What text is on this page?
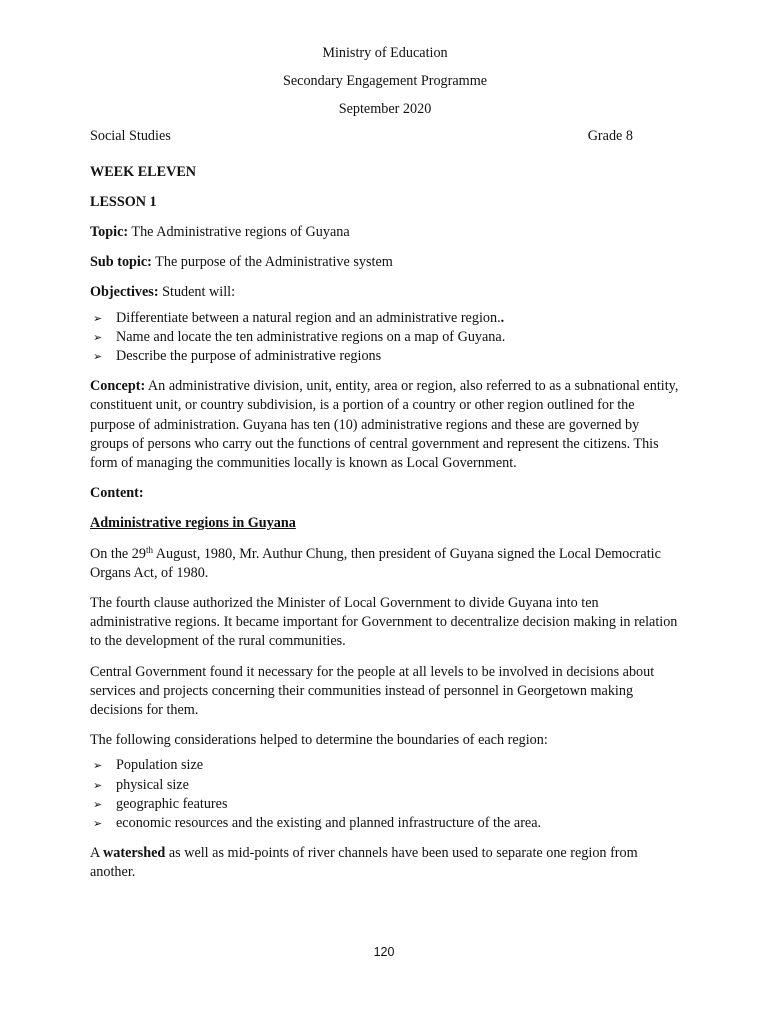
Ministry of Education
Secondary Engagement Programme
September 2020
Social Studies	Grade 8

WEEK ELEVEN

LESSON 1

Topic: The Administrative regions of Guyana

Sub topic: The purpose of the Administrative system

Objectives: Student will:

➢ Differentiate between a natural region and an administrative region..
➢ Name and locate the ten administrative regions on a map of Guyana.
➢ Describe the purpose of administrative regions

Concept: An administrative division, unit, entity, area or region, also referred to as a subnational entity, constituent unit, or country subdivision, is a portion of a country or other region outlined for the purpose of administration. Guyana has ten (10) administrative regions and these are governed by groups of persons who carry out the functions of central government and represent the citizens. This form of managing the communities locally is known as Local Government.

Content:

Administrative regions in Guyana

On the 29th August, 1980, Mr. Authur Chung, then president of Guyana signed the Local Democratic Organs Act, of 1980.

The fourth clause authorized the Minister of Local Government to divide Guyana into ten administrative regions. It became important for Government to decentralize decision making in relation to the development of the rural communities.

Central Government found it necessary for the people at all levels to be involved in decisions about services and projects concerning their communities instead of personnel in Georgetown making decisions for them.

The following considerations helped to determine the boundaries of each region:

➢ Population size
➢ physical size
➢ geographic features
➢ economic resources and the existing and planned infrastructure of the area.

A watershed as well as mid-points of river channels have been used to separate one region from another.

120
